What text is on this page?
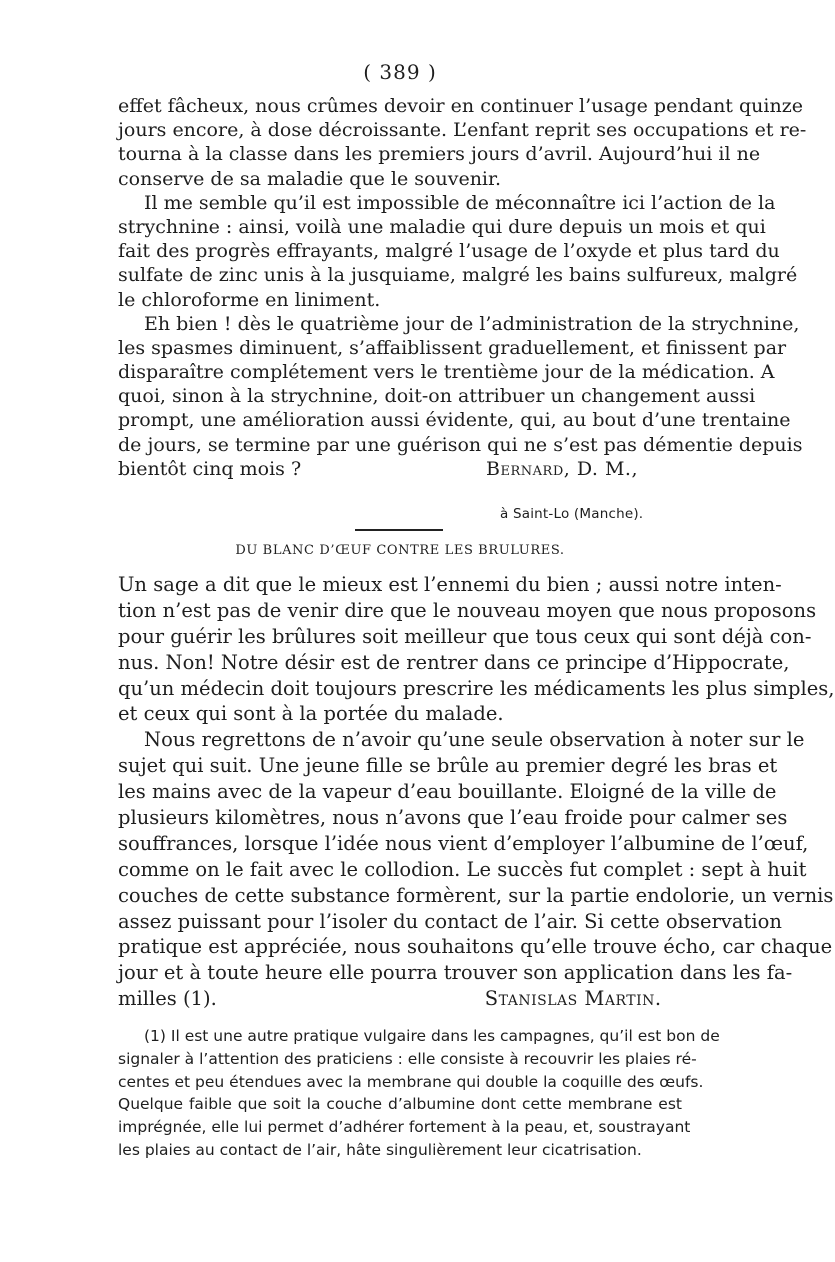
( 389 )

effet fâcheux, nous crûmes devoir en continuer l’usage pendant quinze
jours encore, à dose décroissante. L’enfant reprit ses occupations et re-
tourna à la classe dans les premiers jours d’avril. Aujourd’hui il ne
conserve de sa maladie que le souvenir.
Il me semble qu’il est impossible de méconnaître ici l’action de la
strychnine : ainsi, voilà une maladie qui dure depuis un mois et qui
fait des progrès effrayants, malgré l’usage de l’oxyde et plus tard du
sulfate de zinc unis à la jusquiame, malgré les bains sulfureux, malgré
le chloroforme en liniment.
Eh bien ! dès le quatrième jour de l’administration de la strychnine,
les spasmes diminuent, s’affaiblissent graduellement, et finissent par
disparaître complétement vers le trentième jour de la médication. A
quoi, sinon à la strychnine, doit-on attribuer un changement aussi
prompt, une amélioration aussi évidente, qui, au bout d’une trentaine
de jours, se termine par une guérison qui ne s’est pas démentie depuis
bientôt cinq mois ?	Bernard, D. M.,

à Saint-Lo (Manche).

DU BLANC D’ŒUF CONTRE LES BRULURES.

Un sage a dit que le mieux est l’ennemi du bien ; aussi notre inten-
tion n’est pas de venir dire que le nouveau moyen que nous proposons
pour guérir les brûlures soit meilleur que tous ceux qui sont déjà con-
nus. Non! Notre désir est de rentrer dans ce principe d’Hippocrate,
qu’un médecin doit toujours prescrire les médicaments les plus simples,
et ceux qui sont à la portée du malade.
Nous regrettons de n’avoir qu’une seule observation à noter sur le
sujet qui suit. Une jeune fille se brûle au premier degré les bras et
les mains avec de la vapeur d’eau bouillante. Eloigné de la ville de
plusieurs kilomètres, nous n’avons que l’eau froide pour calmer ses
souffrances, lorsque l’idée nous vient d’employer l’albumine de l’œuf,
comme on le fait avec le collodion. Le succès fut complet : sept à huit
couches de cette substance formèrent, sur la partie endolorie, un vernis
assez puissant pour l’isoler du contact de l’air. Si cette observation
pratique est appréciée, nous souhaitons qu’elle trouve écho, car chaque
jour et à toute heure elle pourra trouver son application dans les fa-
milles (1).	Stanislas Martin.
(1) Il est une autre pratique vulgaire dans les campagnes, qu’il est bon de
signaler à l’attention des praticiens : elle consiste à recouvrir les plaies ré-
centes et peu étendues avec la membrane qui double la coquille des œufs.
Quelque faible que soit la couche d’albumine dont cette membrane est
imprégnée, elle lui permet d’adhérer fortement à la peau, et, soustrayant
les plaies au contact de l’air, hâte singulièrement leur cicatrisation.
